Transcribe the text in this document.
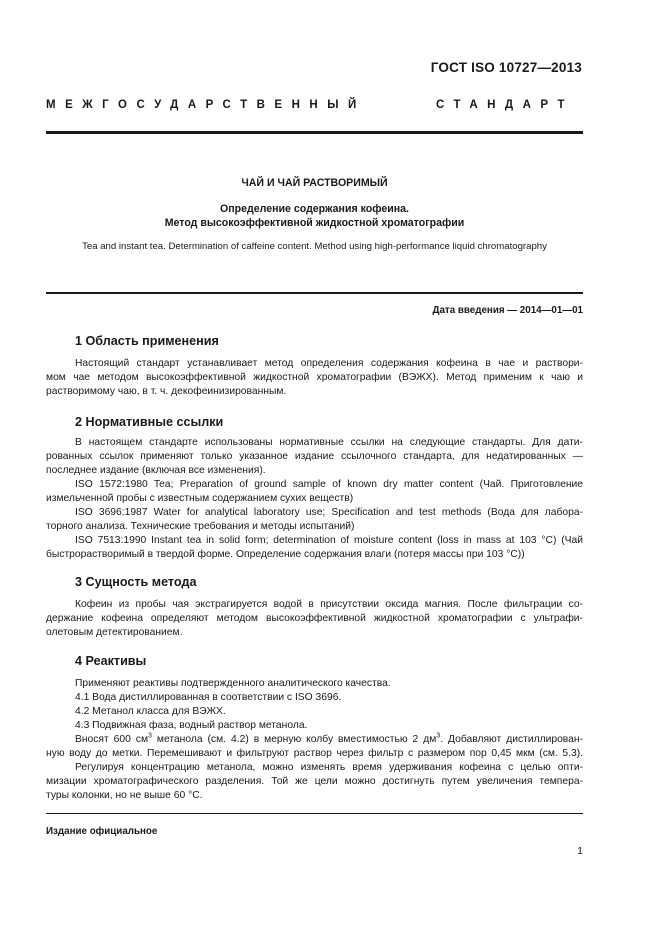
ГОСТ ISO 10727—2013
МЕЖГОСУДАРСТВЕННЫЙ	СТАНДАРТ
ЧАЙ И ЧАЙ РАСТВОРИМЫЙ
Определение содержания кофеина.
Метод высокоэффективной жидкостной хроматографии
Tea and instant tea. Determination of caffeine content. Method using high-performance liquid chromatography
Дата введения — 2014—01—01
1 Область применения
Настоящий стандарт устанавливает метод определения содержания кофеина в чае и раствори-
мом чае методом высокоэффективной жидкостной хроматографии (ВЭЖХ). Метод применим к чаю и
растворимому чаю, в т. ч. декофеинизированным.
2 Нормативные ссылки
В настоящем стандарте использованы нормативные ссылки на следующие стандарты. Для дати-
рованных ссылок применяют только указанное издание ссылочного стандарта, для недатированных —
последнее издание (включая все изменения).
ISO 1572:1980 Tea; Preparation of ground sample of known dry matter content (Чай. Приготовление
измельченной пробы с известным содержанием сухих веществ)
ISO 3696:1987 Water for analytical laboratory use; Specification and test methods (Вода для лабора-
торного анализа. Технические требования и методы испытаний)
ISO 7513:1990 Instant tea in solid form; determination of moisture content (loss in mass at 103 °C) (Чай
быстрорастворимый в твердой форме. Определение содержания влаги (потеря массы при 103 °C))
3 Сущность метода
Кофеин из пробы чая экстрагируется водой в присутствии оксида магния. После фильтрации со-
держание кофеина определяют методом высокоэффективной жидкостной хроматографии с ультрафи-
олетовым детектированием.
4 Реактивы
Применяют реактивы подтвержденного аналитического качества.
4.1 Вода дистиллированная в соответствии с ISO 3696.
4.2 Метанол класса для ВЭЖХ.
4.3 Подвижная фаза, водный раствор метанола.
Вносят 600 $см^3$ метанола (см. 4.2) в мерную колбу вместимостью 2 $дм^3$. Добавляют дистиллирован-
ную воду до метки. Перемешивают и фильтруют раствор через фильтр с размером пор 0,45 мкм (см. 5.3).
Регулируя концентрацию метанола, можно изменять время удерживания кофеина с целью опти-
мизации хроматографического разделения. Той же цели можно достигнуть путем увеличения темпера-
туры колонки, но не выше 60 °C.
Издание официальное
1
